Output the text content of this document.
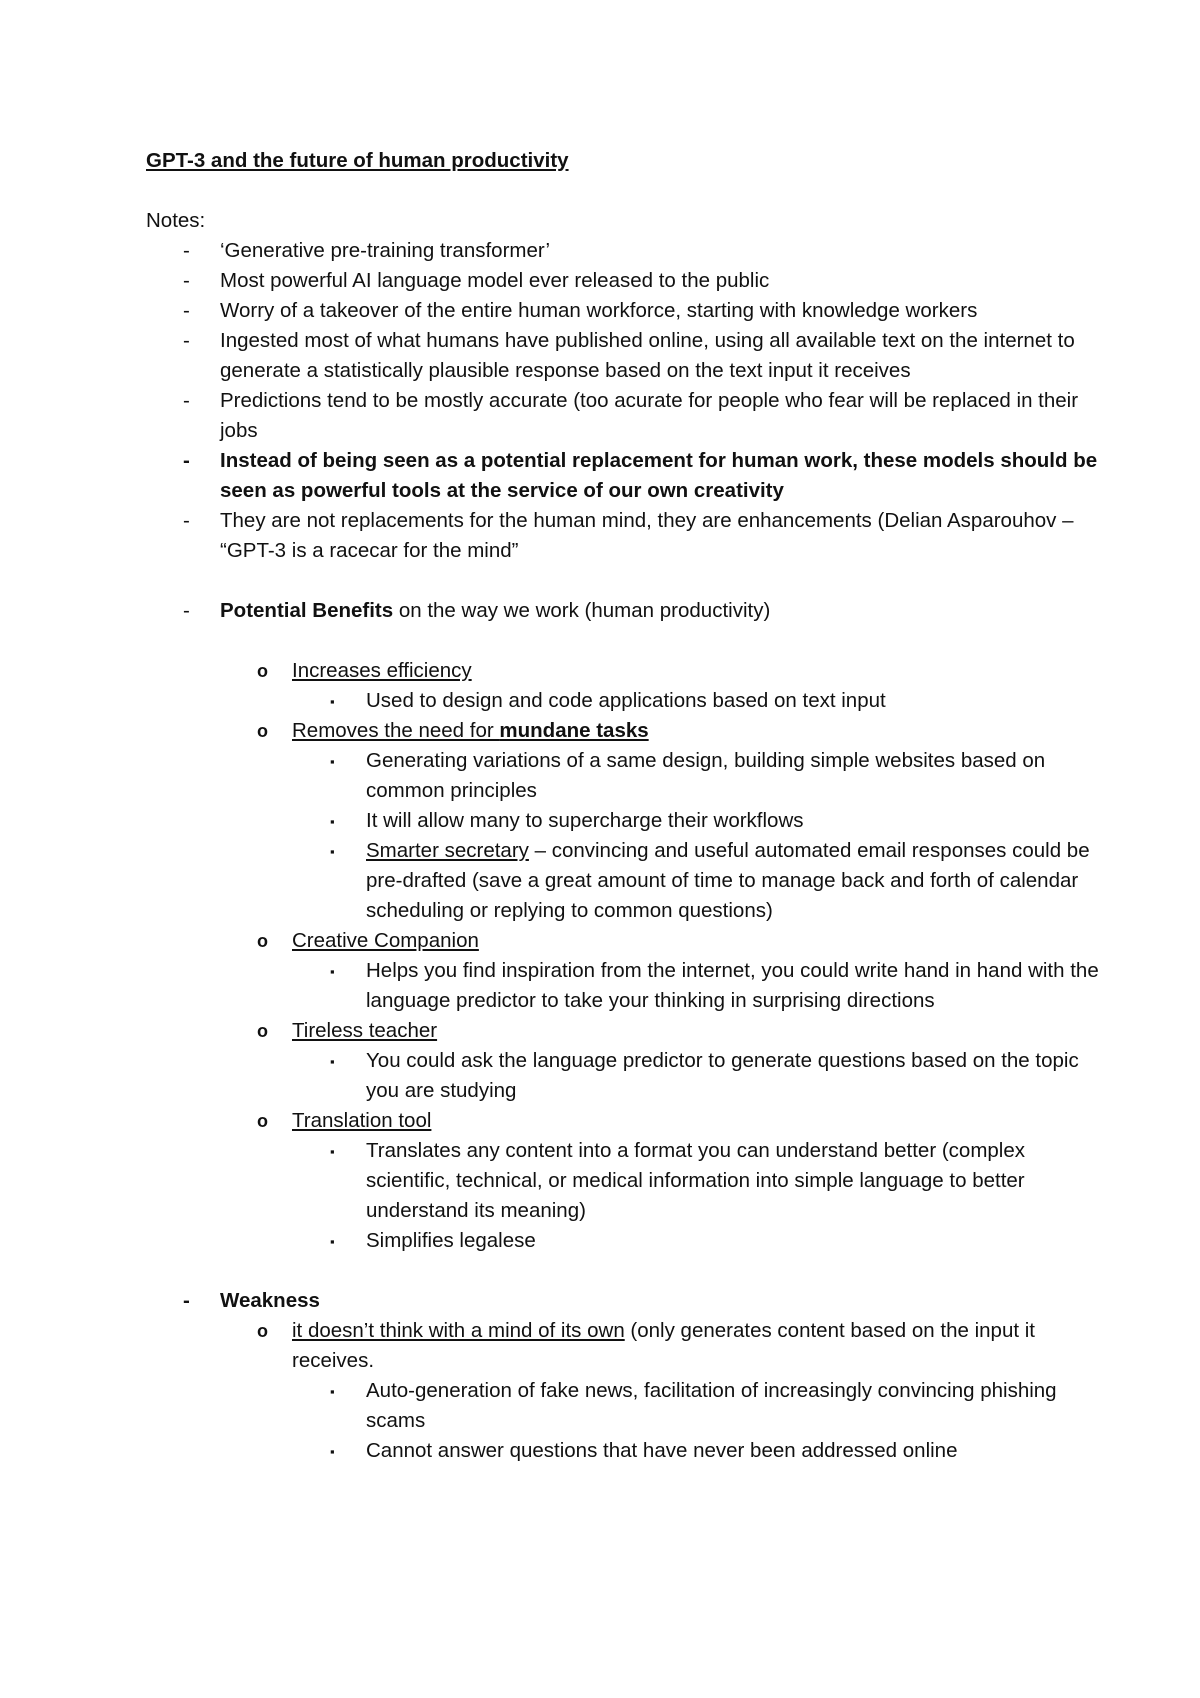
GPT-3 and the future of human productivity
Notes:
- ‘Generative pre-training transformer’
- Most powerful AI language model ever released to the public
- Worry of a takeover of the entire human workforce, starting with knowledge workers
- Ingested most of what humans have published online, using all available text on the internet to generate a statistically plausible response based on the text input it receives
- Predictions tend to be mostly accurate (too acurate for people who fear will be replaced in their jobs
- Instead of being seen as a potential replacement for human work, these models should be seen as powerful tools at the service of our own creativity
- They are not replacements for the human mind, they are enhancements (Delian Asparouhov – “GPT-3 is a racecar for the mind”
- Potential Benefits on the way we work (human productivity)
o Increases efficiency
▪ Used to design and code applications based on text input
o Removes the need for mundane tasks
▪ Generating variations of a same design, building simple websites based on common principles
▪ It will allow many to supercharge their workflows
▪ Smarter secretary – convincing and useful automated email responses could be pre-drafted (save a great amount of time to manage back and forth of calendar scheduling or replying to common questions)
o Creative Companion
▪ Helps you find inspiration from the internet, you could write hand in hand with the language predictor to take your thinking in surprising directions
o Tireless teacher
▪ You could ask the language predictor to generate questions based on the topic you are studying
o Translation tool
▪ Translates any content into a format you can understand better (complex scientific, technical, or medical information into simple language to better understand its meaning)
▪ Simplifies legalese
- Weakness
o it doesn’t think with a mind of its own (only generates content based on the input it receives.
▪ Auto-generation of fake news, facilitation of increasingly convincing phishing scams
▪ Cannot answer questions that have never been addressed online
